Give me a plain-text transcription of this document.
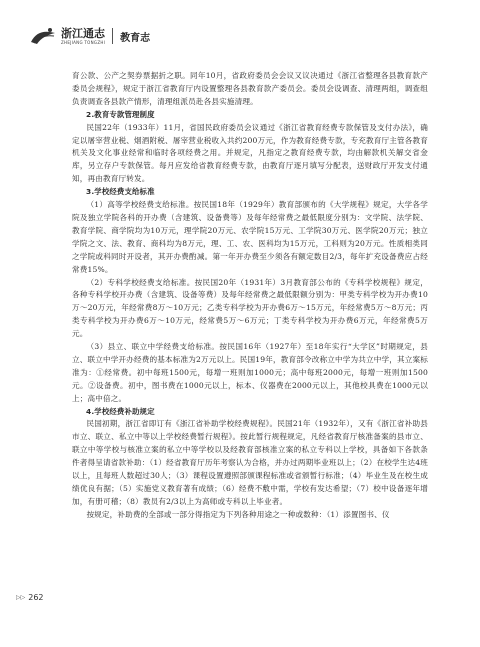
浙江通志
ZHEJIANG TONGZHI 教育志

育公款、公产之契券票据折之职。同年10月，省政府委员会会议又议决通过《浙江省整理各县教育款产委员会规程》，规定于浙江省教育厅内设置整理各县教育款产委员会。委员会设调查、清理两组，调查组负责调查各县款产情形，清理组派员赴各县实施清理。

2.教育专款管理制度

民国22年（1933年）11月，省国民政府委员会议通过《浙江省教育经费专款保管及支付办法》，确定以屠宰营业税、烟酒附税、屠宰营业税收入共约200万元，作为教育经费专款，专充教育厅主管各教育机关及文化事业经常和临时各项经费之用。并规定，凡指定之教育经费专款，均由解款机关解交省金库，另立存户专款保管。每月应发给省教育经费专款，由教育厅逐月填写分配表，送财政厅开发支付通知，再由教育厅转发。

3.学校经费支给标准

（1）高等学校经费支给标准。按民国18年（1929年）教育部颁布的《大学规程》规定，大学各学院及独立学院各科的开办费（含建筑、设备费等）及每年经常费之最低限度分别为：文学院、法学院、教育学院、商学院均为10万元，理学院20万元、农学院15万元、工学院30万元、医学院20万元；独立学院之文、法、教育、商科均为8万元，理、工、农、医科均为15万元，工科则为20万元。性质相类同之学院或科同时开设者，其开办费酌减。第一年开办费至少须各有额定数目2/3，每年扩充设备费应占经常费15%。

（2）专科学校经费支给标准。按民国20年（1931年）3月教育部公布的《专科学校规程》规定，各种专科学校开办费（含建筑、设备等费）及每年经常费之最低限额分别为：甲类专科学校为开办费10万～20万元，年经常费8万～10万元；乙类专科学校为开办费6万～15万元，年经常费5万～8万元；丙类专科学校为开办费6万～10万元，经常费5万～6万元；丁类专科学校为开办费6万元，年经常费5万元。

（3）县立、联立中学经费支给标准。按民国16年（1927年）至18年实行“大学区”时期规定，县立、联立中学开办经费的基本标准为2万元以上。民国19年，教育部令改称立中学为共立中学，其立案标准为：①经常费。初中每班1500元，每增一班则加1000元；高中每班2000元，每增一班则加1500元。②设备费。初中，图书费在1000元以上，标本、仪器费在2000元以上，其他校具费在1000元以上；高中倍之。

4.学校经费补助规定

民国初期，浙江省即订有《浙江省补助学校经费规程》。民国21年（1932年），又有《浙江省补助县市立、联立、私立中等以上学校经费暂行规程》。按此暂行规程规定，凡经省教育厅核准备案的县市立、联立中等学校与核准立案的私立中等学校以及经教育部核准立案的私立专科以上学校，具备如下各款条件者得呈请省款补助：（1）经省教育厅历年考察认为合格，并办过两期毕业班以上；（2）在校学生达4班以上，且每班人数超过30人；（3）课程设置遵照部颁课程标准或省颁暂行标准；（4）毕业生及在校生成绩优良有据；（5）实施党义教育著有成绩；（6）经费不敷中需，学校有发达希望；（7）校中设备逐年增加，有册可稽；（8）教员有2/3以上为高师或专科以上毕业者。

按规定，补助费的全部或一部分得指定为下列各种用途之一种或数种：（1）添置图书、仪

▷▷ 262
